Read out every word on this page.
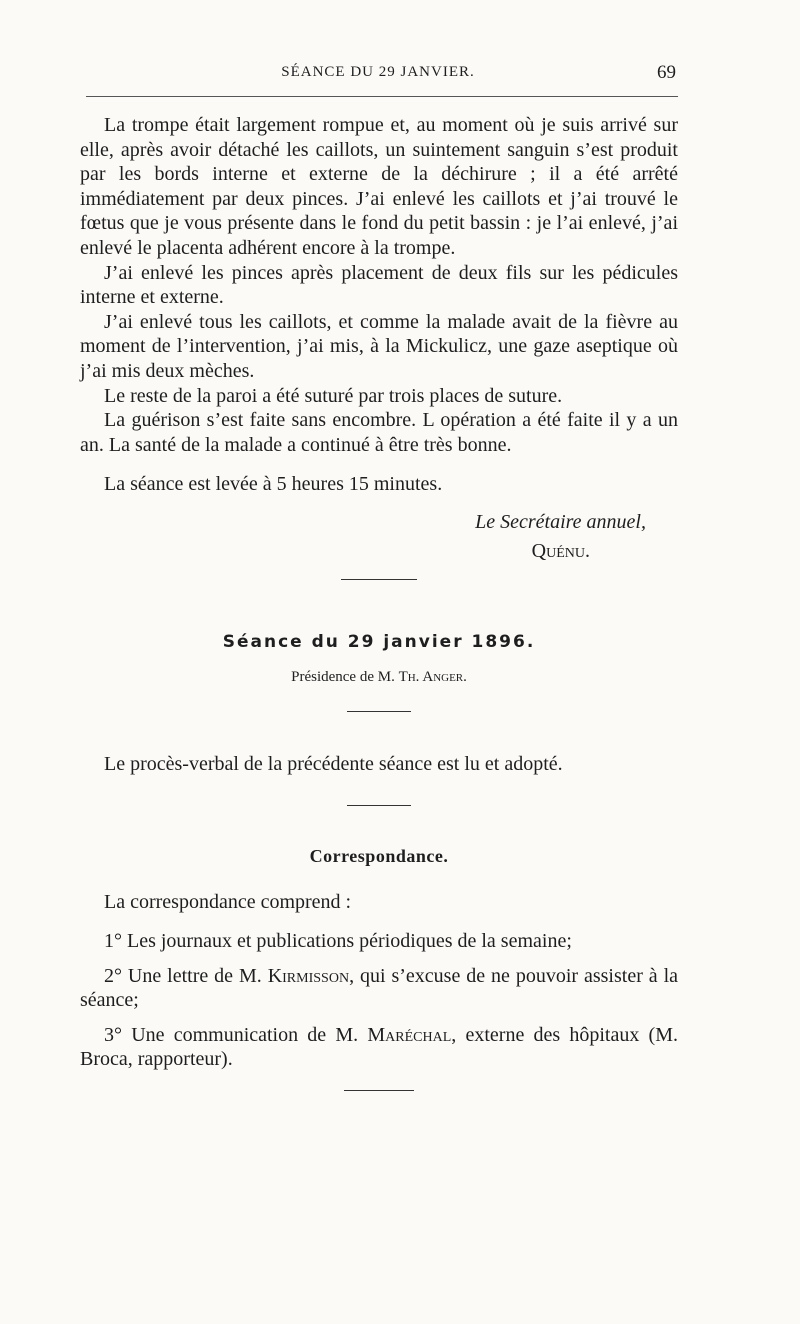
SÉANCE DU 29 JANVIER.	69

La trompe était largement rompue et, au moment où je suis arrivé sur elle, après avoir détaché les caillots, un suintement sanguin s’est produit par les bords interne et externe de la déchirure ; il a été arrêté immédiatement par deux pinces. J’ai enlevé les caillots et j’ai trouvé le fœtus que je vous présente dans le fond du petit bassin : je l’ai enlevé, j’ai enlevé le placenta adhérent encore à la trompe.

J’ai enlevé les pinces après placement de deux fils sur les pédicules interne et externe.

J’ai enlevé tous les caillots, et comme la malade avait de la fièvre au moment de l’intervention, j’ai mis, à la Mickulicz, une gaze aseptique où j’ai mis deux mèches.

Le reste de la paroi a été suturé par trois places de suture.

La guérison s’est faite sans encombre. L opération a été faite il y a un an. La santé de la malade a continué à être très bonne.

La séance est levée à 5 heures 15 minutes.

Le Secrétaire annuel,
Quénu.
Séance du 29 janvier 1896.
Présidence de M. Th. Anger.

Le procès-verbal de la précédente séance est lu et adopté.

Correspondance.

La correspondance comprend :

1° Les journaux et publications périodiques de la semaine;

2° Une lettre de M. Kirmisson, qui s’excuse de ne pouvoir assister à la séance;

3° Une communication de M. Maréchal, externe des hôpitaux (M. Broca, rapporteur).
